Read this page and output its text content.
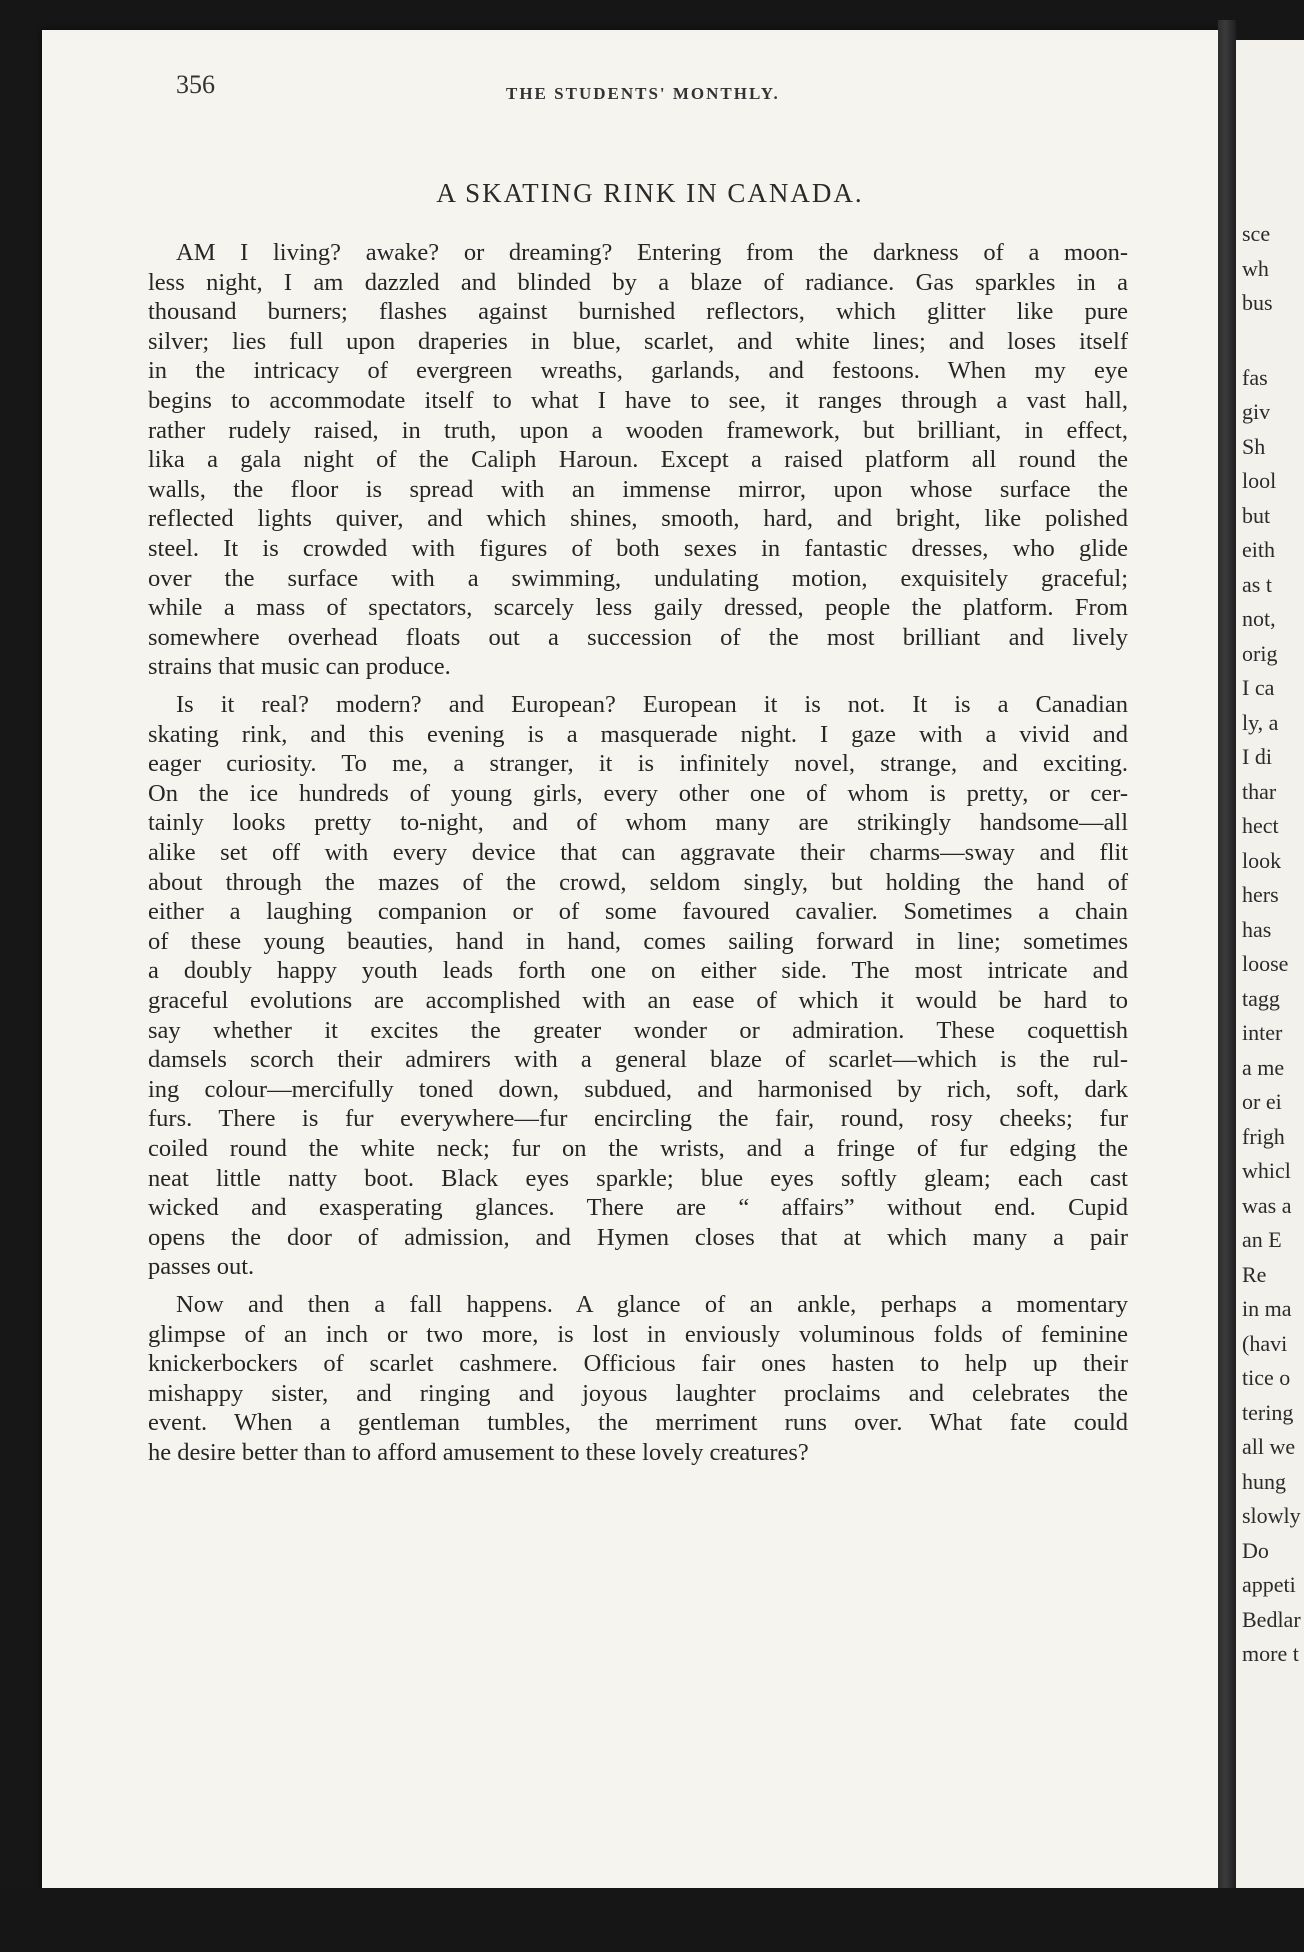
sce
wh
bus
fas
giv
Sh
lool
but
eith
as t
not,
orig
I ca
ly, a
I di
thar
hect
look
hers
has
loose
tagg
inter
a me
or ei
frigh
whicl
was a
an E
Re
in ma
(havi
tice o
tering
all we
hung
slowly
Do
appeti
Bedlar
more t
356	THE STUDENTS' MONTHLY.
A SKATING RINK IN CANADA.
AM I living? awake? or dreaming? Entering from the darkness of a moon-
less night, I am dazzled and blinded by a blaze of radiance. Gas sparkles in a
thousand burners; flashes against burnished reflectors, which glitter like pure
silver; lies full upon draperies in blue, scarlet, and white lines; and loses itself
in the intricacy of evergreen wreaths, garlands, and festoons. When my eye
begins to accommodate itself to what I have to see, it ranges through a vast hall,
rather rudely raised, in truth, upon a wooden framework, but brilliant, in effect,
lika a gala night of the Caliph Haroun. Except a raised platform all round the
walls, the floor is spread with an immense mirror, upon whose surface the
reflected lights quiver, and which shines, smooth, hard, and bright, like polished
steel. It is crowded with figures of both sexes in fantastic dresses, who glide
over the surface with a swimming, undulating motion, exquisitely graceful;
while a mass of spectators, scarcely less gaily dressed, people the platform. From
somewhere overhead floats out a succession of the most brilliant and lively
strains that music can produce.
Is it real? modern? and European? European it is not. It is a Canadian
skating rink, and this evening is a masquerade night. I gaze with a vivid and
eager curiosity. To me, a stranger, it is infinitely novel, strange, and exciting.
On the ice hundreds of young girls, every other one of whom is pretty, or cer-
tainly looks pretty to-night, and of whom many are strikingly handsome—all
alike set off with every device that can aggravate their charms—sway and flit
about through the mazes of the crowd, seldom singly, but holding the hand of
either a laughing companion or of some favoured cavalier. Sometimes a chain
of these young beauties, hand in hand, comes sailing forward in line; sometimes
a doubly happy youth leads forth one on either side. The most intricate and
graceful evolutions are accomplished with an ease of which it would be hard to
say whether it excites the greater wonder or admiration. These coquettish
damsels scorch their admirers with a general blaze of scarlet—which is the rul-
ing colour—mercifully toned down, subdued, and harmonised by rich, soft, dark
furs. There is fur everywhere—fur encircling the fair, round, rosy cheeks; fur
coiled round the white neck; fur on the wrists, and a fringe of fur edging the
neat little natty boot. Black eyes sparkle; blue eyes softly gleam; each cast
wicked and exasperating glances. There are “ affairs” without end. Cupid
opens the door of admission, and Hymen closes that at which many a pair
passes out.
Now and then a fall happens. A glance of an ankle, perhaps a momentary
glimpse of an inch or two more, is lost in enviously voluminous folds of feminine
knickerbockers of scarlet cashmere. Officious fair ones hasten to help up their
mishappy sister, and ringing and joyous laughter proclaims and celebrates the
event. When a gentleman tumbles, the merriment runs over. What fate could
he desire better than to afford amusement to these lovely creatures?
